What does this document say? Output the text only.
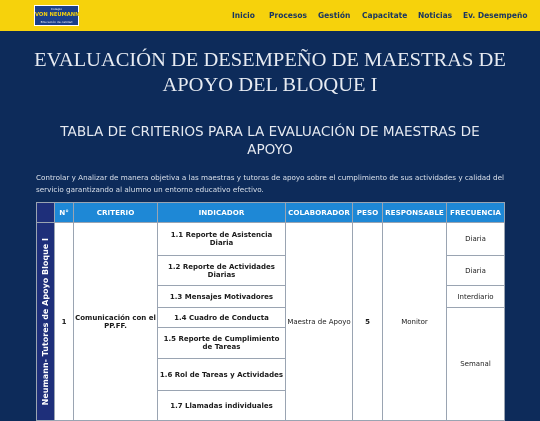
Colegio
VON NEUMANN
Educación de calidad
Inicio Procesos Gestión Capacitate Noticias Ev. Desempeño
EVALUACIÓN DE DESEMPEÑO DE MAESTRAS DE
APOYO DEL BLOQUE I
TABLA DE CRITERIOS PARA LA EVALUACIÓN DE MAESTRAS DE
APOYO

Controlar y Analizar de manera objetiva a las maestras y tutoras de apoyo sobre el cumplimiento de sus actividades y calidad del servicio garantizando al alumno un entorno educativo efectivo.

	N°	CRITERIO	INDICADOR	COLABORADOR	PESO	RESPONSABLE	FRECUENCIA

Neumann- Tutores de Apoyo Bloque I	1	Comunicación con el PP.FF.	1.1 Reporte de Asistencia Diaria	Maestra de Apoyo	5	Monitor	Diaria
			1.2 Reporte de Actividades Diarias				Diaria
			1.3 Mensajes Motivadores				Interdiario
			1.4 Cuadro de Conducta				Semanal
			1.5 Reporte de Cumplimiento de Tareas				
			1.6 Rol de Tareas y Actividades				
			1.7 Llamadas individuales				
